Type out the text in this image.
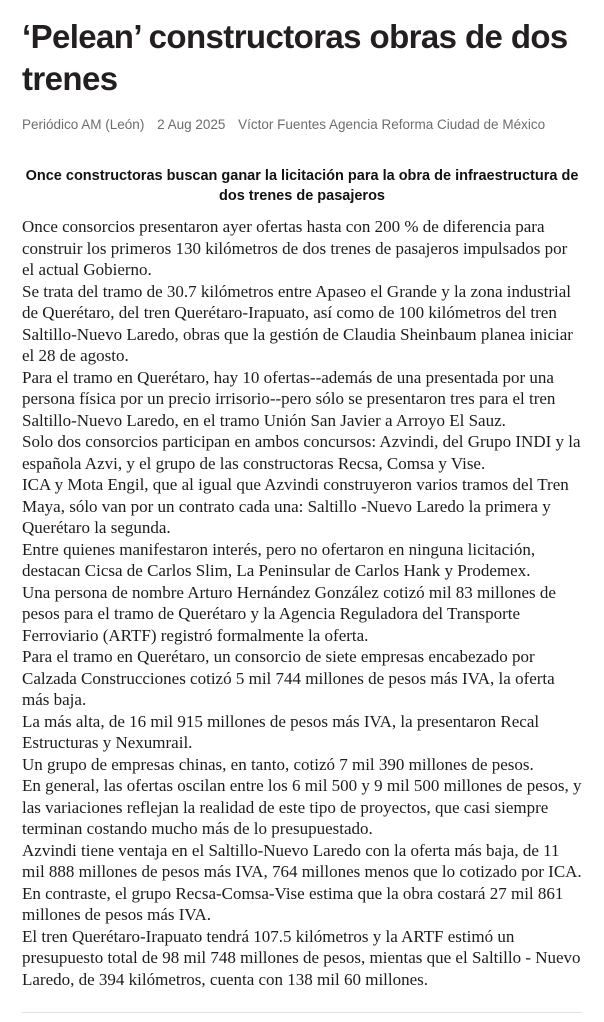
‘Pelean’ constructoras obras de dos trenes
Periódico AM (León) 2 Aug 2025 Víctor Fuentes Agencia Reforma Ciudad de México
Once constructoras buscan ganar la licitación para la obra de infraestructura de dos trenes de pasajeros

Once consorcios presentaron ayer ofertas hasta con 200 % de diferencia para construir los primeros 130 kilómetros de dos trenes de pasajeros impulsados por el actual Gobierno.

Se trata del tramo de 30.7 kilómetros entre Apaseo el Grande y la zona industrial de Querétaro, del tren Querétaro-Irapuato, así como de 100 kilómetros del tren Saltillo-Nuevo Laredo, obras que la gestión de Claudia Sheinbaum planea iniciar el 28 de agosto.

Para el tramo en Querétaro, hay 10 ofertas--además de una presentada por una persona física por un precio irrisorio--pero sólo se presentaron tres para el tren Saltillo-Nuevo Laredo, en el tramo Unión San Javier a Arroyo El Sauz.

Solo dos consorcios participan en ambos concursos: Azvindi, del Grupo INDI y la española Azvi, y el grupo de las constructoras Recsa, Comsa y Vise.

ICA y Mota Engil, que al igual que Azvindi construyeron varios tramos del Tren Maya, sólo van por un contrato cada una: Saltillo -Nuevo Laredo la primera y Querétaro la segunda.

Entre quienes manifestaron interés, pero no ofertaron en ninguna licitación, destacan Cicsa de Carlos Slim, La Peninsular de Carlos Hank y Prodemex.

Una persona de nombre Arturo Hernández González cotizó mil 83 millones de pesos para el tramo de Querétaro y la Agencia Reguladora del Transporte Ferroviario (ARTF) registró formalmente la oferta.

Para el tramo en Querétaro, un consorcio de siete empresas encabezado por Calzada Construcciones cotizó 5 mil 744 millones de pesos más IVA, la oferta más baja.

La más alta, de 16 mil 915 millones de pesos más IVA, la presentaron Recal Estructuras y Nexumrail.

Un grupo de empresas chinas, en tanto, cotizó 7 mil 390 millones de pesos.

En general, las ofertas oscilan entre los 6 mil 500 y 9 mil 500 millones de pesos, y las variaciones reflejan la realidad de este tipo de proyectos, que casi siempre terminan costando mucho más de lo presupuestado.

Azvindi tiene ventaja en el Saltillo-Nuevo Laredo con la oferta más baja, de 11 mil 888 millones de pesos más IVA, 764 millones menos que lo cotizado por ICA.

En contraste, el grupo Recsa-Comsa-Vise estima que la obra costará 27 mil 861 millones de pesos más IVA.

El tren Querétaro-Irapuato tendrá 107.5 kilómetros y la ARTF estimó un presupuesto total de 98 mil 748 millones de pesos, mientas que el Saltillo - Nuevo Laredo, de 394 kilómetros, cuenta con 138 mil 60 millones.
